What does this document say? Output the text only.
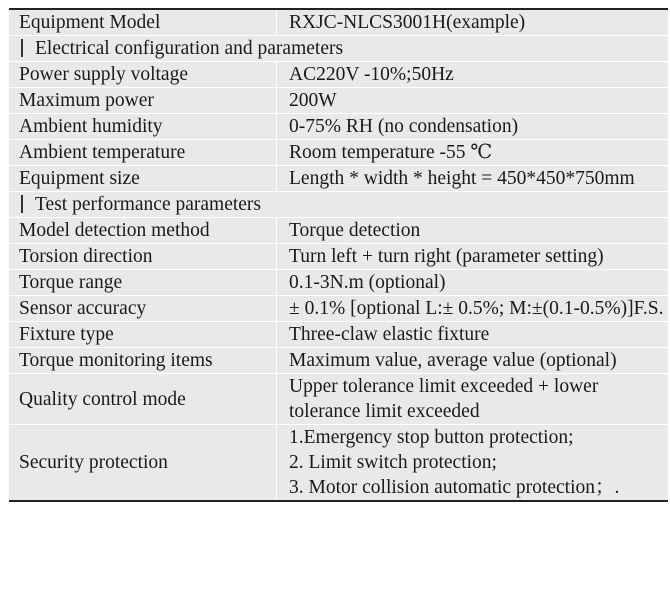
Equipment Model	RXJC-NLCS3001H(example)
Electrical configuration and parameters	
Power supply voltage	AC220V -10%;50Hz
Maximum power	200W
Ambient humidity	0-75% RH (no condensation)
Ambient temperature	Room temperature -55 ℃
Equipment size	Length * width * height = 450*450*750mm
Test performance parameters	
Model detection method	Torque detection
Torsion direction	Turn left + turn right (parameter setting)
Torque range	0.1-3N.m (optional)
Sensor accuracy	± 0.1% [optional L:± 0.5%; M:±(0.1-0.5%)]F.S.
Fixture type	Three-claw elastic fixture
Torque monitoring items	Maximum value, average value (optional)
Quality control mode	Upper tolerance limit exceeded + lower tolerance limit exceeded
Security protection	1.Emergency stop button protection;
2. Limit switch protection;
3. Motor collision automatic protection；.
